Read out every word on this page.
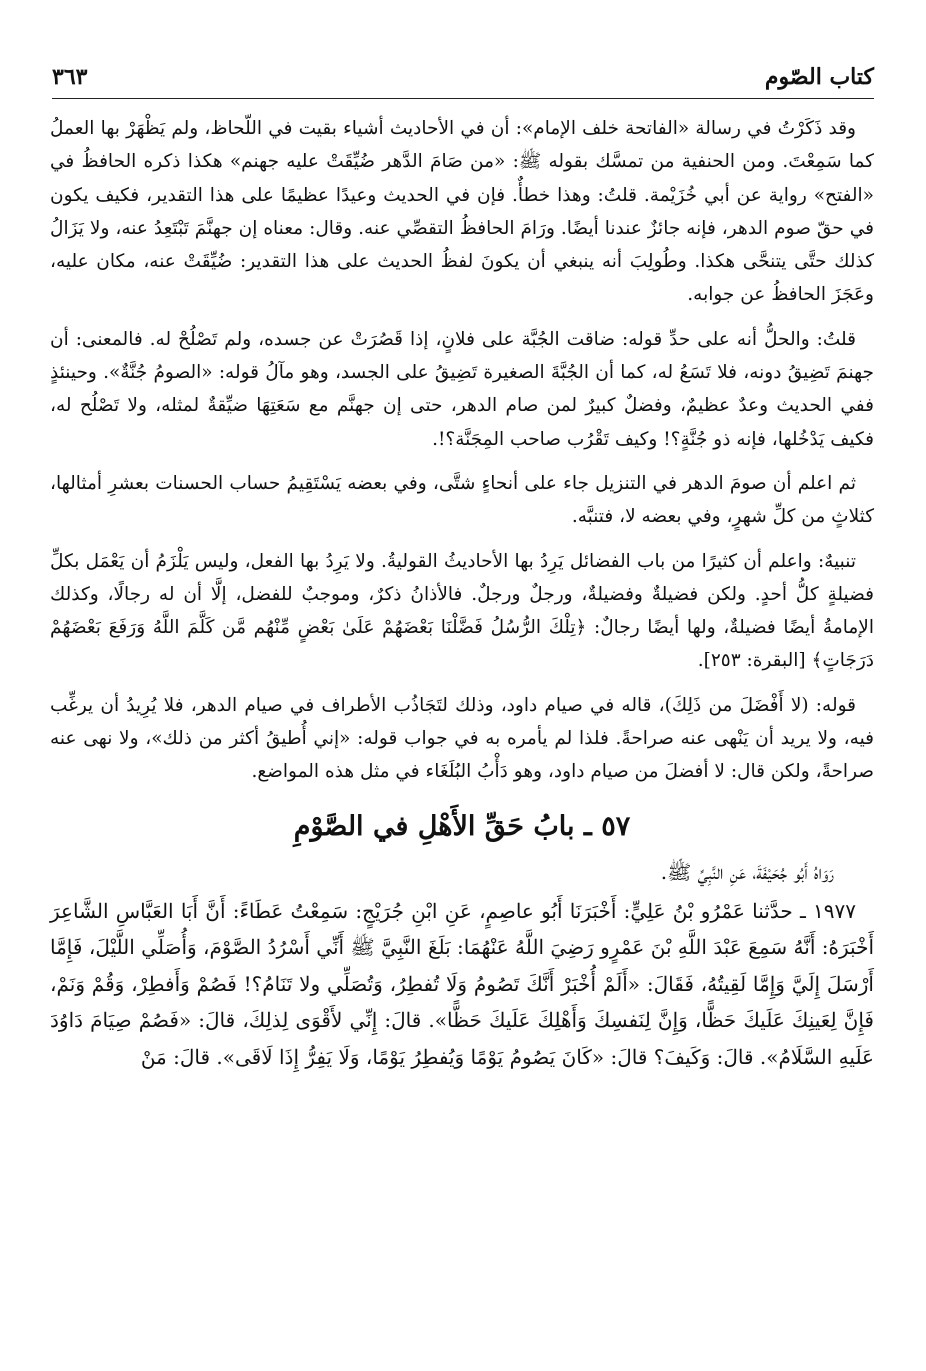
كتاب الصّوم
٣٦٣

وقد ذَكَرْتُ في رسالة «الفاتحة خلف الإمام»: أن في الأحاديث أشياء بقيت في اللّحاظ، ولم يَظْهَرْ بها العملُ كما سَمِعْتَ. ومن الحنفية من تمسَّك بقوله ﷺ: «من صَامَ الدَّهر ضُيِّقَتْ عليه جهنم» هكذا ذكره الحافظُ في «الفتح» رواية عن أبي خُزَيْمة. قلتُ: وهذا خطأٌ. فإن في الحديث وعيدًا عظيمًا على هذا التقدير، فكيف يكون في حقّ صوم الدهر، فإنه جائزٌ عندنا أيضًا. ورَامَ الحافظُ التقصِّي عنه. وقال: معناه إن جهنَّمَ تَبْتَعِدُ عنه، ولا يَزَالُ كذلك حتَّى يتنحَّى هكذا. وطُولِبَ أنه ينبغي أن يكونَ لفظُ الحديث على هذا التقدير: ضُيِّقَتْ عنه، مكان عليه، وعَجَزَ الحافظُ عن جوابه.

قلتُ: والحلُّ أنه على حدِّ قوله: ضاقت الجُبَّة على فلانٍ، إذا قَصُرَتْ عن جسده، ولم تَصْلُحْ له. فالمعنى: أن جهنمَ تَضِيقُ دونه، فلا تَسَعُ له، كما أن الجُبَّةَ الصغيرة تَضِيقُ على الجسد، وهو مآلُ قوله: «الصومُ جُنَّةٌ». وحينئذٍ ففي الحديث وعدٌ عظيمٌ، وفضلٌ كبيرٌ لمن صام الدهر، حتى إن جهنَّم مع سَعَتِهَا ضيِّقةٌ لمثله، ولا تَصْلُح له، فكيف يَدْخُلها، فإنه ذو جُنَّةٍ؟! وكيف تَقْرُب صاحب المِجَنَّة؟!.

ثم اعلم أن صومَ الدهر في التنزيل جاء على أنحاءٍ شتَّى، وفي بعضه يَسْتَقِيمُ حساب الحسنات بعشرِ أمثالها، كثلاثٍ من كلِّ شهرٍ، وفي بعضه لا، فتنبَّه.

تنبيهٌ: واعلم أن كثيرًا من باب الفضائل يَرِدُ بها الأحاديثُ القوليةُ. ولا يَرِدُ بها الفعل، وليس يَلْزَمُ أن يَعْمَل بكلِّ فضيلةٍ كلُّ أحدٍ. ولكن فضيلةٌ وفضيلةٌ، ورجلٌ ورجلٌ. فالأذانُ ذكرٌ، وموجبٌ للفضل، إلَّا أن له رجالًا، وكذلك الإمامةُ أيضًا فضيلةٌ، ولها أيضًا رجالٌ: ﴿تِلْكَ الرُّسُلُ فَضَّلْنَا بَعْضَهُمْ عَلَىٰ بَعْضٍ مِّنْهُم مَّن كَلَّمَ اللَّهُ وَرَفَعَ بَعْضَهُمْ دَرَجَاتٍ﴾ [البقرة: ٢٥٣].

قوله: (لا أَفْضَلَ من ذَلِكَ)، قاله في صيام داود، وذلك لتَجَاذُب الأطراف في صيام الدهر، فلا يُرِيدُ أن يرغِّب فيه، ولا يريد أن يَنْهى عنه صراحةً. فلذا لم يأمره به في جواب قوله: «إني أُطيقُ أكثر من ذلك»، ولا نهى عنه صراحةً، ولكن قال: لا أفضلَ من صيام داود، وهو دَأْبُ البُلَغَاء في مثل هذه المواضع.

٥٧ ـ بابُ حَقِّ الأَهْلِ في الصَّوْمِ

رَوَاهُ أَبُو جُحَيْفَةَ، عَنِ النَّبِيِّ ﷺ.

١٩٧٧ ـ حدَّثنا عَمْرُو بْنُ عَلِيٍّ: أَخْبَرَنَا أَبُو عاصِمٍ، عَنِ ابْنِ جُرَيْجٍ: سَمِعْتُ عَطَاءً: أَنَّ أَبَا العَبَّاسِ الشَّاعِرَ أَخْبَرَهُ: أَنَّهُ سَمِعَ عَبْدَ اللَّهِ بْنَ عَمْرٍو رَضِيَ اللَّهُ عَنْهُمَا: بَلَغَ النَّبِيَّ ﷺ أَنِّي أَسْرُدُ الصَّوْمَ، وَأُصَلِّي اللَّيْلَ، فَإِمَّا أَرْسَلَ إِلَيَّ وَإِمَّا لَقِيتُهُ، فَقَالَ: «أَلَمْ أُخْبَرْ أَنَّكَ تَصُومُ وَلَا تُفطِرُ، وَتُصَلِّي ولا تَنَامُ؟! فَصُمْ وَأَفطِرْ، وَقُمْ وَنَمْ، فَإِنَّ لِعَينِكَ عَلَيكَ حَظًّا، وَإِنَّ لِنَفسِكَ وَأَهْلِكَ عَلَيكَ حَظًّا». قالَ: إِنِّي لأَقْوَى لِذلِكَ، قالَ: «فَصُمْ صِيَامَ دَاوُدَ عَلَيهِ السَّلَامُ». قالَ: وَكَيفَ؟ قالَ: «كَانَ يَصُومُ يَوْمًا وَيُفطِرُ يَوْمًا، وَلَا يَفِرُّ إِذَا لَاقَى». قالَ: مَنْ
